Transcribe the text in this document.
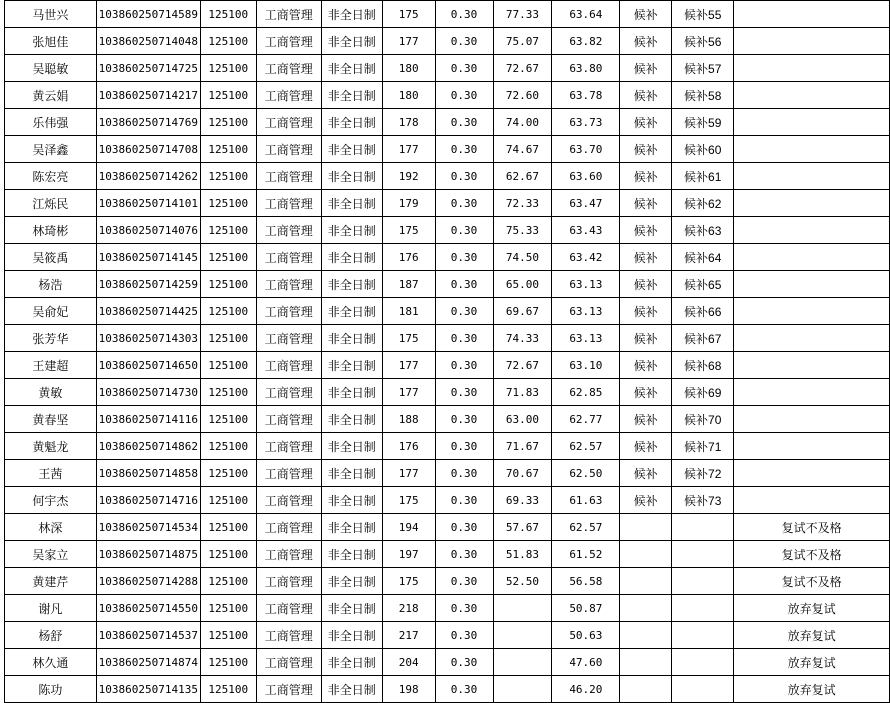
马世兴	103860250714589	125100	工商管理	非全日制	175	0.30	77.33	63.64	候补	候补55	
张旭佳	103860250714048	125100	工商管理	非全日制	177	0.30	75.07	63.82	候补	候补56	
吴聪敏	103860250714725	125100	工商管理	非全日制	180	0.30	72.67	63.80	候补	候补57	
黄云娟	103860250714217	125100	工商管理	非全日制	180	0.30	72.60	63.78	候补	候补58	
乐伟强	103860250714769	125100	工商管理	非全日制	178	0.30	74.00	63.73	候补	候补59	
吴泽鑫	103860250714708	125100	工商管理	非全日制	177	0.30	74.67	63.70	候补	候补60	
陈宏亮	103860250714262	125100	工商管理	非全日制	192	0.30	62.67	63.60	候补	候补61	
江烁民	103860250714101	125100	工商管理	非全日制	179	0.30	72.33	63.47	候补	候补62	
林琦彬	103860250714076	125100	工商管理	非全日制	175	0.30	75.33	63.43	候补	候补63	
吴筱禹	103860250714145	125100	工商管理	非全日制	176	0.30	74.50	63.42	候补	候补64	
杨浩	103860250714259	125100	工商管理	非全日制	187	0.30	65.00	63.13	候补	候补65	
吴俞妃	103860250714425	125100	工商管理	非全日制	181	0.30	69.67	63.13	候补	候补66	
张芳华	103860250714303	125100	工商管理	非全日制	175	0.30	74.33	63.13	候补	候补67	
王建超	103860250714650	125100	工商管理	非全日制	177	0.30	72.67	63.10	候补	候补68	
黄敏	103860250714730	125100	工商管理	非全日制	177	0.30	71.83	62.85	候补	候补69	
黄春坚	103860250714116	125100	工商管理	非全日制	188	0.30	63.00	62.77	候补	候补70	
黄魁龙	103860250714862	125100	工商管理	非全日制	176	0.30	71.67	62.57	候补	候补71	
王茜	103860250714858	125100	工商管理	非全日制	177	0.30	70.67	62.50	候补	候补72	
何宇杰	103860250714716	125100	工商管理	非全日制	175	0.30	69.33	61.63	候补	候补73	
林深	103860250714534	125100	工商管理	非全日制	194	0.30	57.67	62.57			复试不及格
吴家立	103860250714875	125100	工商管理	非全日制	197	0.30	51.83	61.52			复试不及格
黄建芹	103860250714288	125100	工商管理	非全日制	175	0.30	52.50	56.58			复试不及格
谢凡	103860250714550	125100	工商管理	非全日制	218	0.30		50.87			放弃复试
杨舒	103860250714537	125100	工商管理	非全日制	217	0.30		50.63			放弃复试
林久通	103860250714874	125100	工商管理	非全日制	204	0.30		47.60			放弃复试
陈功	103860250714135	125100	工商管理	非全日制	198	0.30		46.20			放弃复试
